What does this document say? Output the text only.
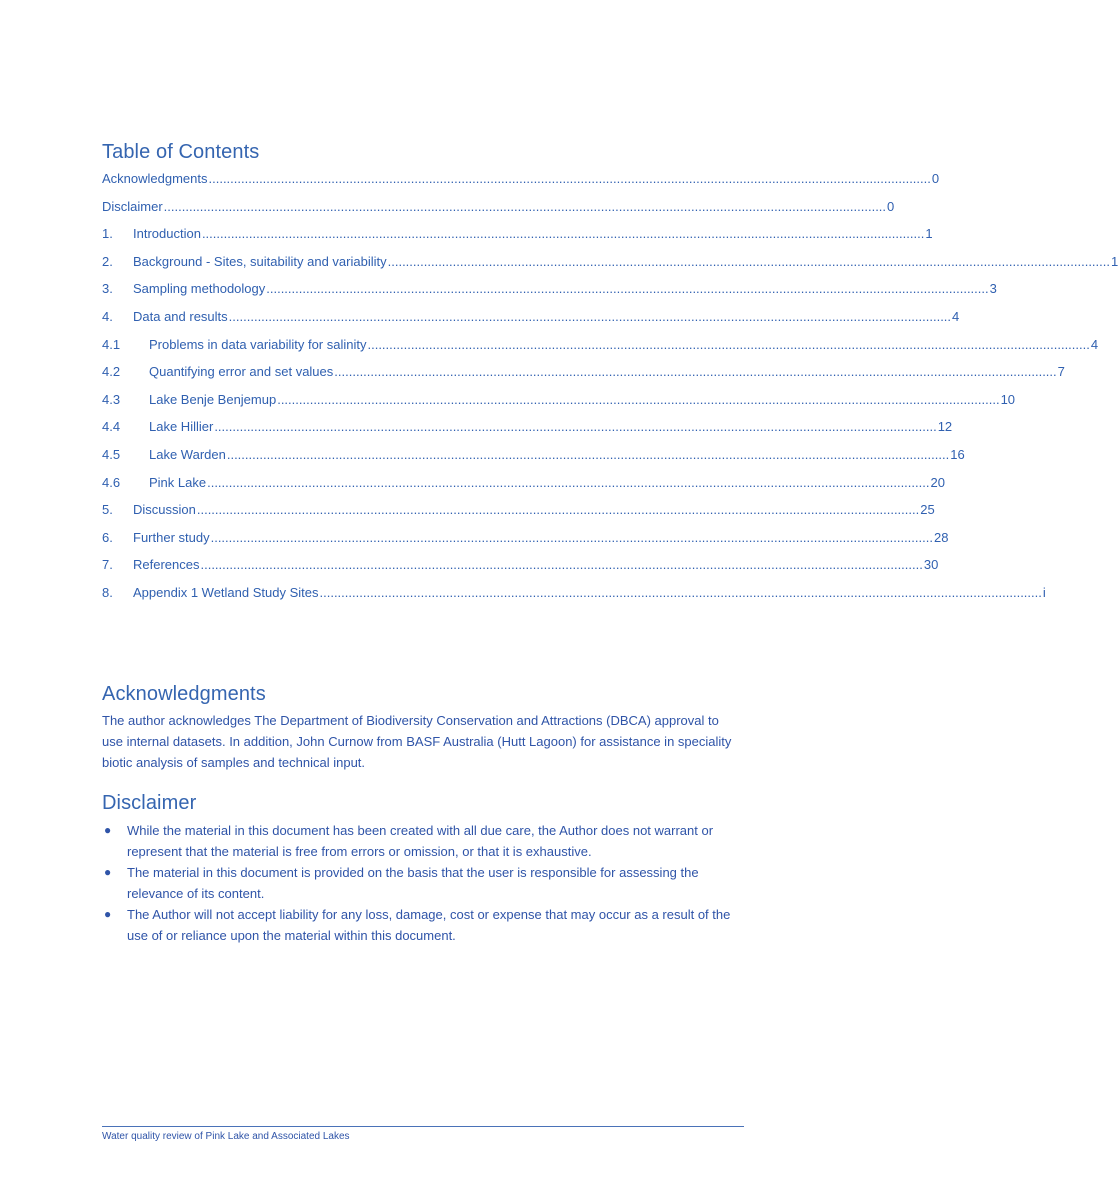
Table of Contents
Acknowledgments ........................................................................................................................................................................................................ 0
Disclaimer ........................................................................................................................................................................................................ 0
1.	Introduction ........................................................................................................................................................................................................ 1
2.	Background - Sites, suitability and variability ........................................................................................................................................................................................................ 1
3.	Sampling methodology ........................................................................................................................................................................................................ 3
4.	Data and results ........................................................................................................................................................................................................ 4
4.1	Problems in data variability for salinity ........................................................................................................................................................................................................ 4
4.2	Quantifying error and set values ........................................................................................................................................................................................................ 7
4.3	Lake Benje Benjemup ........................................................................................................................................................................................................ 10
4.4	Lake Hillier ........................................................................................................................................................................................................ 12
4.5	Lake Warden ........................................................................................................................................................................................................ 16
4.6	Pink Lake ........................................................................................................................................................................................................ 20
5.	Discussion ........................................................................................................................................................................................................ 25
6.	Further study ........................................................................................................................................................................................................ 28
7.	References ........................................................................................................................................................................................................ 30
8.	Appendix 1 Wetland Study Sites ........................................................................................................................................................................................................ i
Acknowledgments

The author acknowledges The Department of Biodiversity Conservation and Attractions (DBCA) approval to use internal datasets. In addition, John Curnow from BASF Australia (Hutt Lagoon) for assistance in speciality biotic analysis of samples and technical input.

Disclaimer
● While the material in this document has been created with all due care, the Author does not warrant or represent that the material is free from errors or omission, or that it is exhaustive.
● The material in this document is provided on the basis that the user is responsible for assessing the relevance of its content.
● The Author will not accept liability for any loss, damage, cost or expense that may occur as a result of the use of or reliance upon the material within this document.
Water quality review of Pink Lake and Associated Lakes
